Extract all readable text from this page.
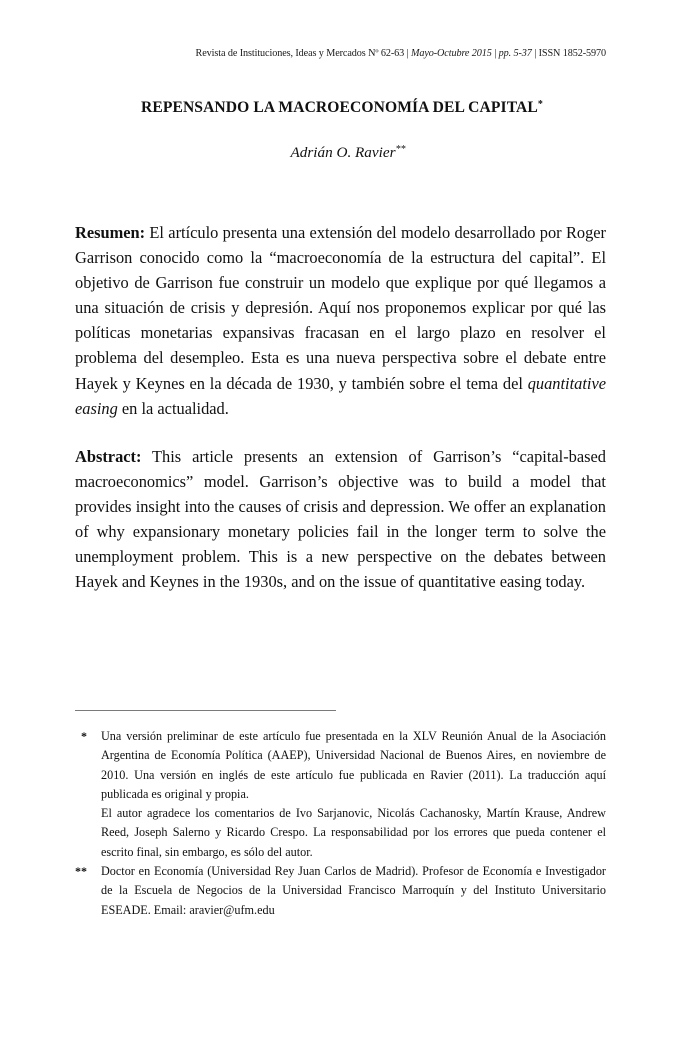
Revista de Instituciones, Ideas y Mercados Nº 62-63 | Mayo-Octubre 2015 | pp. 5-37 | ISSN 1852-5970
REPENSANDO LA MACROECONOMÍA DEL CAPITAL*
Adrián O. Ravier**
Resumen: El artículo presenta una extensión del modelo desarrollado por Roger Garrison conocido como la “macroeconomía de la estructura del capital”. El objetivo de Garrison fue construir un modelo que explique por qué llegamos a una situación de crisis y depresión. Aquí nos proponemos explicar por qué las políticas monetarias expansivas fracasan en el largo plazo en resolver el problema del desempleo. Esta es una nueva perspectiva sobre el debate entre Hayek y Keynes en la década de 1930, y también sobre el tema del quantitative easing en la actualidad.
Abstract: This article presents an extension of Garrison’s “capital-based macroeconomics” model. Garrison’s objective was to build a model that provides insight into the causes of crisis and depression. We offer an explanation of why expansionary monetary policies fail in the longer term to solve the unemployment problem. This is a new perspective on the debates between Hayek and Keynes in the 1930s, and on the issue of quantitative easing today.
* Una versión preliminar de este artículo fue presentada en la XLV Reunión Anual de la Asociación Argentina de Economía Política (AAEP), Universidad Nacional de Buenos Aires, en noviembre de 2010. Una versión en inglés de este artículo fue publicada en Ravier (2011). La traducción aquí publicada es original y propia.

El autor agradece los comentarios de Ivo Sarjanovic, Nicolás Cachanosky, Martín Krause, Andrew Reed, Joseph Salerno y Ricardo Crespo. La responsabilidad por los errores que pueda contener el escrito final, sin embargo, es sólo del autor.

** Doctor en Economía (Universidad Rey Juan Carlos de Madrid). Profesor de Economía e Investigador de la Escuela de Negocios de la Universidad Francisco Marroquín y del Instituto Universitario ESEADE. Email: aravier@ufm.edu
